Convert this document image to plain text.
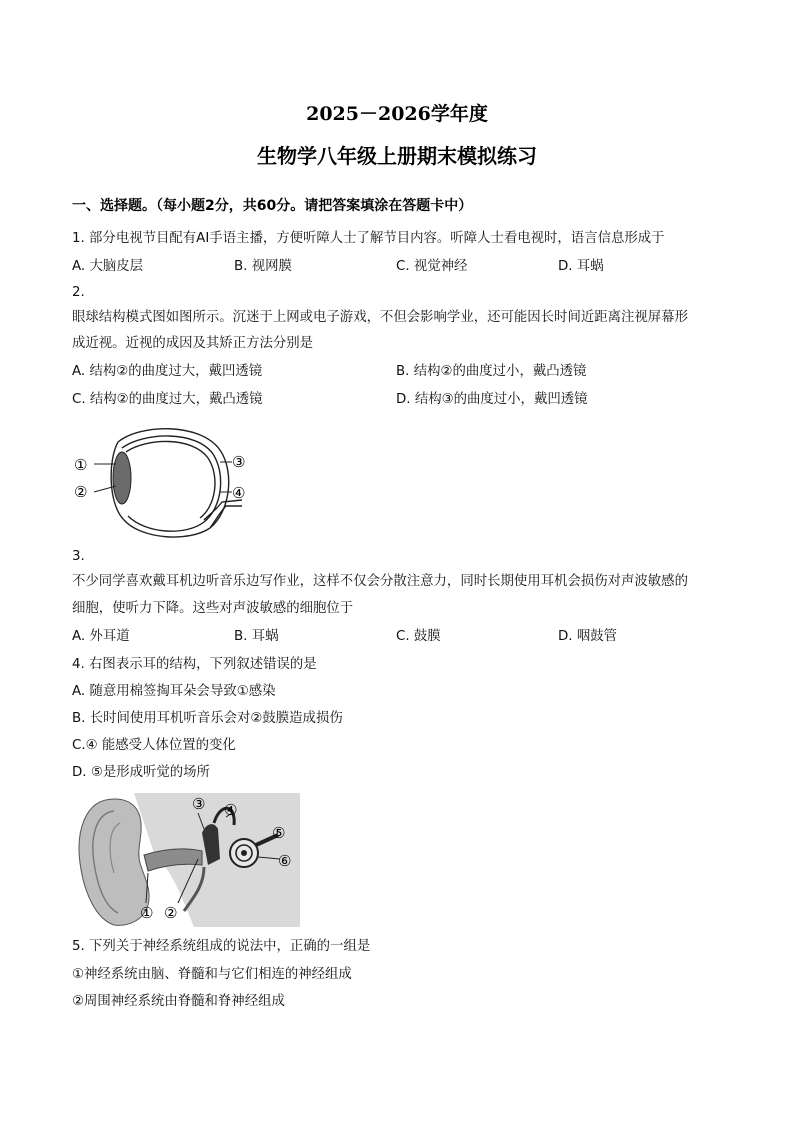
2025－2026学年度
生物学八年级上册期末模拟练习
一、选择题。（每小题2分，共60分。请把答案填涂在答题卡中）
1. 部分电视节目配有AI手语主播，方便听障人士了解节目内容。听障人士看电视时，语言信息形成于
A. 大脑皮层	B. 视网膜	C. 视觉神经	D. 耳蜗
2.
眼球结构模式图如图所示。沉迷于上网或电子游戏，不但会影响学业，还可能因长时间近距离注视屏幕形
成近视。近视的成因及其矫正方法分别是
A. 结构②的曲度过大，戴凹透镜	B. 结构②的曲度过小，戴凸透镜
C. 结构②的曲度过大，戴凸透镜	D. 结构③的曲度过小，戴凹透镜
①
②
③
④
3.
不少同学喜欢戴耳机边听音乐边写作业，这样不仅会分散注意力，同时长期使用耳机会损伤对声波敏感的
细胞，使听力下降。这些对声波敏感的细胞位于
A. 外耳道	B. 耳蜗	C. 鼓膜	D. 咽鼓管
4. 右图表示耳的结构，下列叙述错误的是
A. 随意用棉签掏耳朵会导致①感染
B. 长时间使用耳机听音乐会对②鼓膜造成损伤
C.④ 能感受人体位置的变化
D. ⑤是形成听觉的场所
① ②
③ ④
⑤
⑥
5. 下列关于神经系统组成的说法中，正确的一组是
①神经系统由脑、脊髓和与它们相连的神经组成
②周围神经系统由脊髓和脊神经组成
